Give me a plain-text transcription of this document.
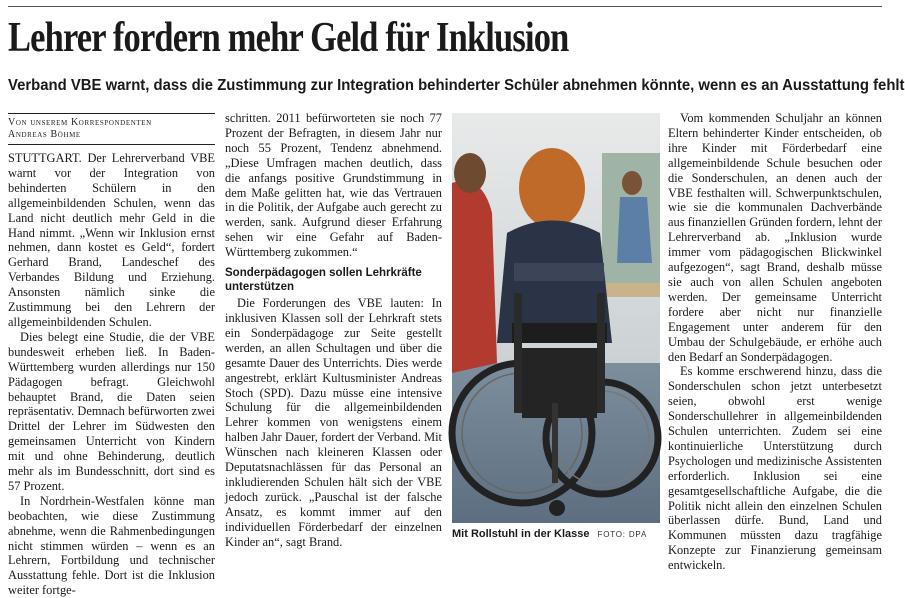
Lehrer fordern mehr Geld für Inklusion
Verband VBE warnt, dass die Zustimmung zur Integration behinderter Schüler abnehmen könnte, wenn es an Ausstattung fehlt
Von unserem Korrespondenten
Andreas Böhme

STUTTGART. Der Lehrerverband VBE warnt vor der Integration von behinderten Schülern in den allgemeinbildenden Schulen, wenn das Land nicht deutlich mehr Geld in die Hand nimmt. „Wenn wir Inklusion ernst nehmen, dann kostet es Geld“, fordert Gerhard Brand, Landeschef des Verbandes Bildung und Erziehung. Ansonsten nämlich sinke die Zustimmung bei den Lehrern der allgemeinbildenden Schulen.

Dies belegt eine Studie, die der VBE bundesweit erheben ließ. In Baden-Württemberg wurden allerdings nur 150 Pädagogen befragt. Gleichwohl behauptet Brand, die Daten seien repräsentativ. Demnach befürworten zwei Drittel der Lehrer im Südwesten den gemeinsamen Unterricht von Kindern mit und ohne Behinderung, deutlich mehr als im Bundesschnitt, dort sind es 57 Prozent.

In Nordrhein-Westfalen könne man beobachten, wie diese Zustimmung abnehme, wenn die Rahmenbedingungen nicht stimmen würden – wenn es an Lehrern, Fortbildung und technischer Ausstattung fehle. Dort ist die Inklusion weiter fortge-

schritten. 2011 befürworteten sie noch 77 Prozent der Befragten, in diesem Jahr nur noch 55 Prozent, Tendenz abnehmend. „Diese Umfragen machen deutlich, dass die anfangs positive Grundstimmung in dem Maße gelitten hat, wie das Vertrauen in die Politik, der Aufgabe auch gerecht zu werden, sank. Aufgrund dieser Erfahrung sehen wir eine Gefahr auf Baden-Württemberg zukommen.“

Sonderpädagogen sollen Lehrkräfte unterstützen

Die Forderungen des VBE lauten: In inklusiven Klassen soll der Lehrkraft stets ein Sonderpädagoge zur Seite gestellt werden, an allen Schultagen und über die gesamte Dauer des Unterrichts. Dies werde angestrebt, erklärt Kultusminister Andreas Stoch (SPD). Dazu müsse eine intensive Schulung für die allgemeinbildenden Lehrer kommen von wenigstens einem halben Jahr Dauer, fordert der Verband. Mit Wünschen nach kleineren Klassen oder Deputatsnachlässen für das Personal an inkludierenden Schulen hält sich der VBE jedoch zurück. „Pauschal ist der falsche Ansatz, es kommt immer auf den individuellen Förderbedarf der einzelnen Kinder an“, sagt Brand.

Mit Rollstuhl in der Klasse FOTO: DPA

Vom kommenden Schuljahr an können Eltern behinderter Kinder entscheiden, ob ihre Kinder mit Förderbedarf eine allgemeinbildende Schule besuchen oder die Sonderschulen, an denen auch der VBE festhalten will. Schwerpunktschulen, wie sie die kommunalen Dachverbände aus finanziellen Gründen fordern, lehnt der Lehrerverband ab. „Inklusion wurde immer vom pädagogischen Blickwinkel aufgezogen“, sagt Brand, deshalb müsse sie auch von allen Schulen angeboten werden. Der gemeinsame Unterricht fordere aber nicht nur finanzielle Engagement unter anderem für den Umbau der Schulgebäude, er erhöhe auch den Bedarf an Sonderpädagogen.

Es komme erschwerend hinzu, dass die Sonderschulen schon jetzt unterbesetzt seien, obwohl erst wenige Sonderschullehrer in allgemeinbildenden Schulen unterrichten. Zudem sei eine kontinuierliche Unterstützung durch Psychologen und medizinische Assistenten erforderlich. Inklusion sei eine gesamtgesellschaftliche Aufgabe, die die Politik nicht allein den einzelnen Schulen überlassen dürfe. Bund, Land und Kommunen müssten dazu tragfähige Konzepte zur Finanzierung gemeinsam entwickeln.
